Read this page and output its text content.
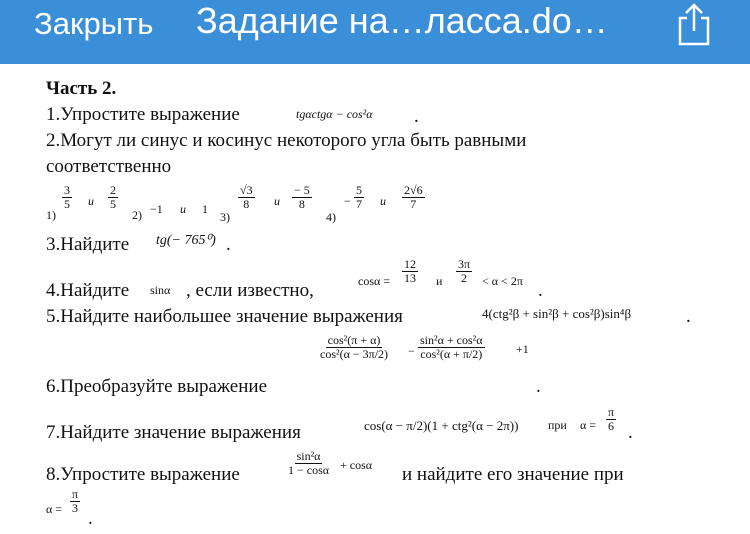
Закрыть Задание на…ласса.do…
Часть 2.
1.Упростите выражение	tgαctgα − cos²α .
2.Могут ли синус и косинус некоторого угла быть равными
соответственно
1)
$\frac{3}{5}$ и $\frac{2}{5}$
2) −1 и 1
3)
$\frac{√3}{8}$ и $\frac{- 5}{8}$
4)
− $\frac{5}{7}$ и $\frac{2√6}{7}$
3.Найдите tg(− 765⁰) .
4.Найдите sinα , если известно,	$\cos\alpha = \frac{12}{13}$ и $\frac{3\pi}{2} < \alpha < 2\pi$ .
5.Найдите наибольшее значение выражения	4(ctg²β + sin²β + cos²β)sin⁴β	.
$\frac{\text{cos²(π + α)}}{\text{cos²(α − 3π/2)}} - \frac{\text{sin²α + cos²α}}{\text{cos²(α + π/2)}}$	+1
6.Преобразуйте выражение	.
7.Найдите значение выражения	cos(α − π/2)(1 + ctg²(α − 2π)) при $\alpha = \frac{\pi}{6}$
.
8.Упростите выражение	$\frac{\text{sin²α}}{1 - \cos\alpha} + \cos\alpha$ и найдите его значение при
$\alpha = \frac{\pi}{3}$
.
